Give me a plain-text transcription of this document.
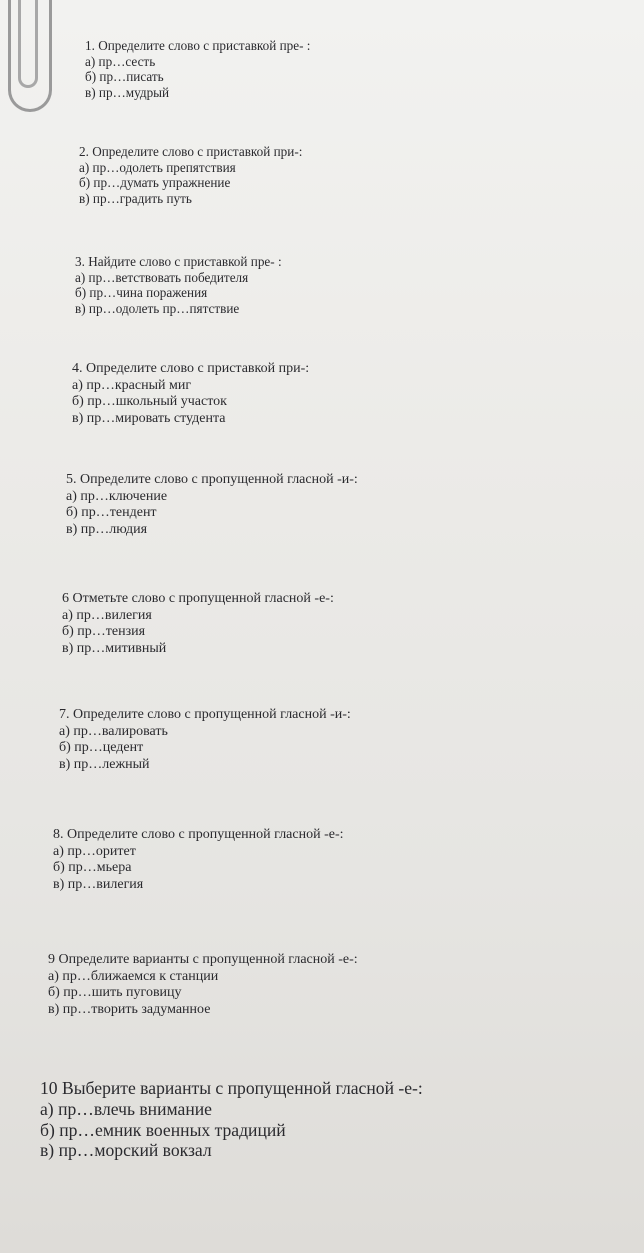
1. Определите слово с приставкой пре- :
а) пр…сесть
б) пр…писать
в) пр…мудрый
2. Определите слово с приставкой при-:
а) пр…одолеть препятствия
б) пр…думать упражнение
в) пр…градить путь
3. Найдите слово с приставкой пре- :
а) пр…ветствовать победителя
б) пр…чина поражения
в) пр…одолеть пр…пятствие
4. Определите слово с приставкой при-:
а) пр…красный миг
б) пр…школьный участок
в) пр…мировать студента
5. Определите слово с пропущенной гласной -и-:
а) пр…ключение
б) пр…тендент
в) пр…людия
6 Отметьте слово с пропущенной гласной -е-:
а) пр…вилегия
б) пр…тензия
в) пр…митивный
7. Определите слово с пропущенной гласной -и-:
а) пр…валировать
б) пр…цедент
в) пр…лежный
8. Определите слово с пропущенной гласной -е-:
а) пр…оритет
б) пр…мьера
в) пр…вилегия
9 Определите варианты с пропущенной гласной -е-:
а) пр…ближаемся к станции
б) пр…шить пуговицу
в) пр…творить задуманное
10 Выберите варианты с пропущенной гласной -е-:
а) пр…влечь внимание
б) пр…емник военных традиций
в) пр…морский вокзал
